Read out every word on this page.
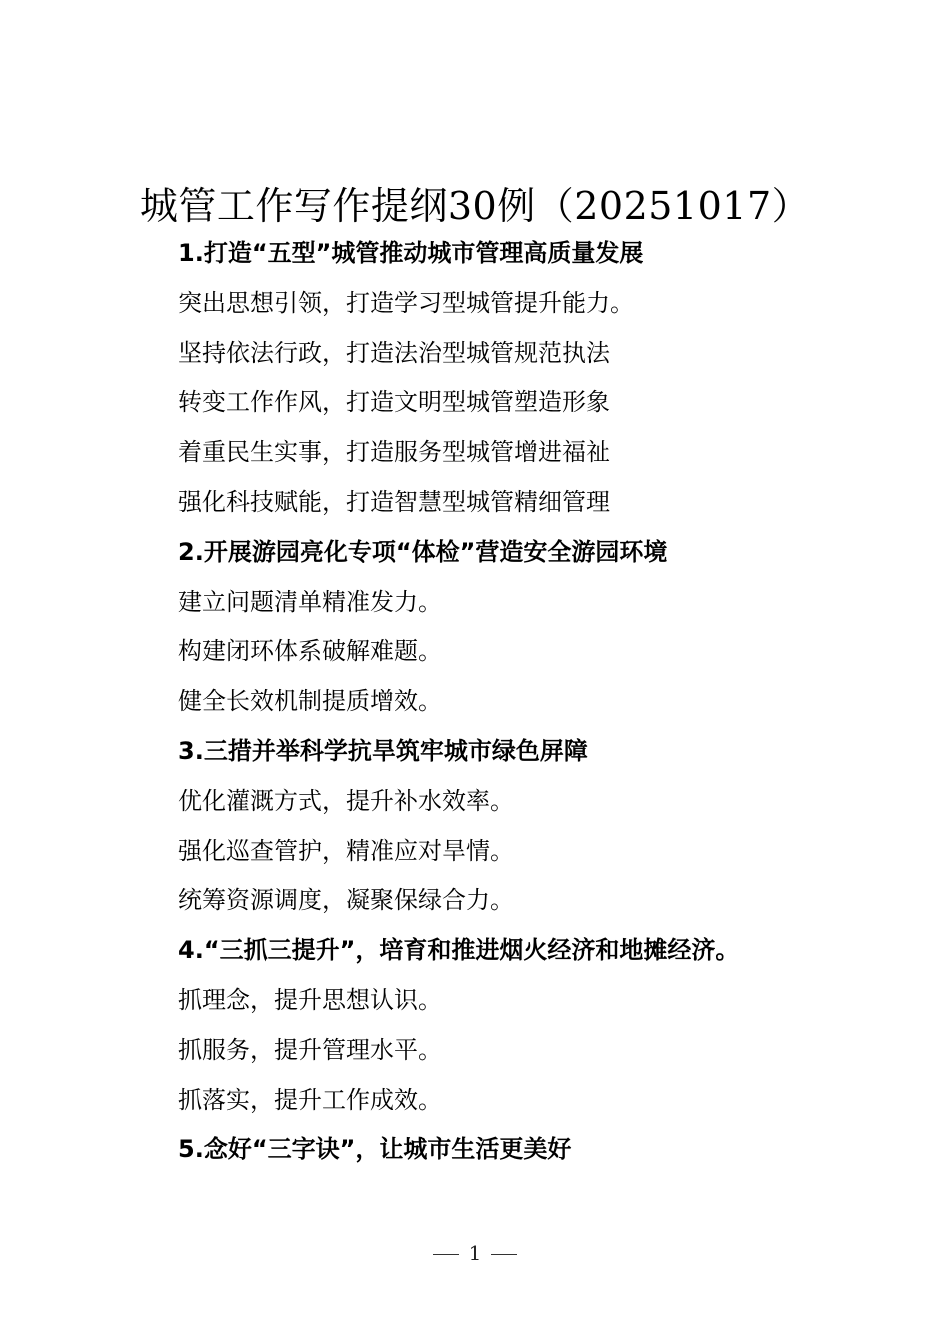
城管工作写作提纲30例（20251017）
1.打造“五型”城管推动城市管理高质量发展
突出思想引领，打造学习型城管提升能力。
坚持依法行政，打造法治型城管规范执法
转变工作作风，打造文明型城管塑造形象
着重民生实事，打造服务型城管增进福祉
强化科技赋能，打造智慧型城管精细管理
2.开展游园亮化专项“体检”营造安全游园环境
建立问题清单精准发力。
构建闭环体系破解难题。
健全长效机制提质增效。
3.三措并举科学抗旱筑牢城市绿色屏障
优化灌溉方式，提升补水效率。
强化巡查管护，精准应对旱情。
统筹资源调度，凝聚保绿合力。
4.“三抓三提升”，培育和推进烟火经济和地摊经济。
抓理念，提升思想认识。
抓服务，提升管理水平。
抓落实，提升工作成效。
5.念好“三字诀”，让城市生活更美好
1
